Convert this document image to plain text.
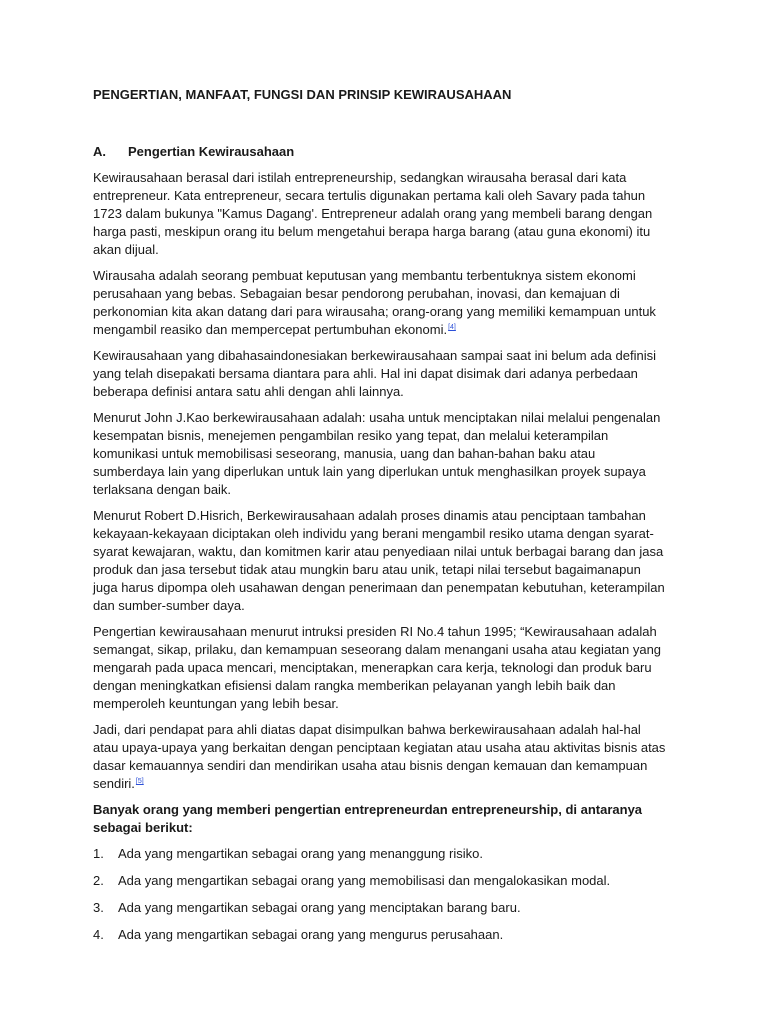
PENGERTIAN, MANFAAT, FUNGSI DAN PRINSIP KEWIRAUSAHAAN
A.	Pengertian Kewirausahaan

Kewirausahaan berasal dari istilah entrepreneurship, sedangkan wirausaha berasal dari kata entrepreneur. Kata entrepreneur, secara tertulis digunakan pertama kali oleh Savary pada tahun 1723 dalam bukunya "Kamus Dagang'. Entrepreneur adalah orang yang membeli barang dengan harga pasti, meskipun orang itu belum mengetahui berapa harga barang (atau guna ekonomi) itu akan dijual.

Wirausaha adalah seorang pembuat keputusan yang membantu terbentuknya sistem ekonomi perusahaan yang bebas. Sebagaian besar pendorong perubahan, inovasi, dan kemajuan di perkonomian kita akan datang dari para wirausaha; orang-orang yang memiliki kemampuan untuk mengambil reasiko dan mempercepat pertumbuhan ekonomi.[4]

Kewirausahaan yang dibahasaindonesiakan berkewirausahaan sampai saat ini belum ada definisi yang telah disepakati bersama diantara para ahli. Hal ini dapat disimak dari adanya perbedaan beberapa definisi antara satu ahli dengan ahli lainnya.

Menurut John J.Kao berkewirausahaan adalah: usaha untuk menciptakan nilai melalui pengenalan kesempatan bisnis, menejemen pengambilan resiko yang tepat, dan melalui keterampilan komunikasi untuk memobilisasi seseorang, manusia, uang dan bahan-bahan baku atau sumberdaya lain yang diperlukan untuk lain yang diperlukan untuk menghasilkan proyek supaya terlaksana dengan baik.

Menurut Robert D.Hisrich, Berkewirausahaan adalah proses dinamis atau penciptaan tambahan kekayaan-kekayaan diciptakan oleh individu yang berani mengambil resiko utama dengan syarat-syarat kewajaran, waktu, dan komitmen karir atau penyediaan nilai untuk berbagai barang dan jasa produk dan jasa tersebut tidak atau mungkin baru atau unik, tetapi nilai tersebut bagaimanapun juga harus dipompa oleh usahawan dengan penerimaan dan penempatan kebutuhan, keterampilan dan sumber-sumber daya.

Pengertian kewirausahaan menurut intruksi presiden RI No.4 tahun 1995; “Kewirausahaan adalah semangat, sikap, prilaku, dan kemampuan seseorang dalam menangani usaha atau kegiatan yang mengarah pada upaca mencari, menciptakan, menerapkan cara kerja, teknologi dan produk baru dengan meningkatkan efisiensi dalam rangka memberikan pelayanan yangh lebih baik dan memperoleh keuntungan yang lebih besar.

Jadi, dari pendapat para ahli diatas dapat disimpulkan bahwa berkewirausahaan adalah hal-hal atau upaya-upaya yang berkaitan dengan penciptaan kegiatan atau usaha atau aktivitas bisnis atas dasar kemauannya sendiri dan mendirikan usaha atau bisnis dengan kemauan dan kemampuan sendiri.[5]

Banyak orang yang memberi pengertian entrepreneurdan entrepreneurship, di antaranya sebagai berikut:

1.	Ada yang mengartikan sebagai orang yang menanggung risiko.
2.	Ada yang mengartikan sebagai orang yang memobilisasi dan mengalokasikan modal.
3.	Ada yang mengartikan sebagai orang yang menciptakan barang baru.
4.	Ada yang mengartikan sebagai orang yang mengurus perusahaan.
